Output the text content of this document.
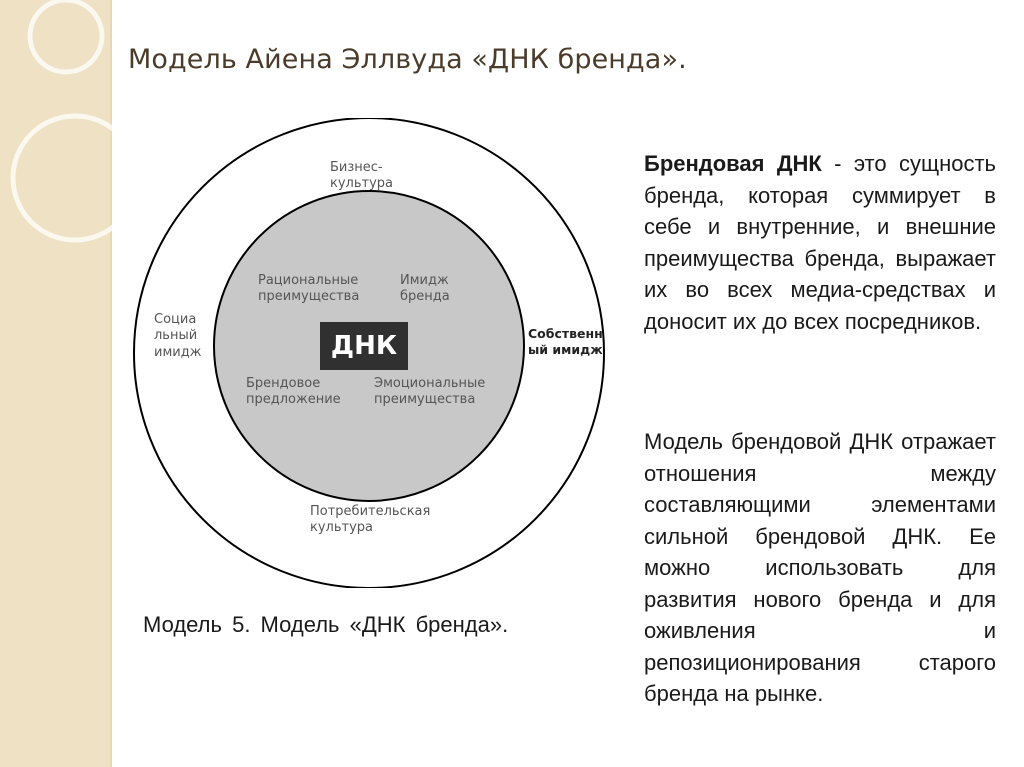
Модель Айена Эллвуда «ДНК бренда».
Бизнес-
культура
Социа
льный
имидж
Собственн
ый имидж
Потребительская
культура
Рациональные
преимущества
Имидж
бренда
Брендовое
предложение
Эмоциональные
преимущества
ДНК
Модель 5. Модель «ДНК бренда».

Брендовая ДНК - это сущность бренда, которая суммирует в себе и внутренние, и внешние преимущества бренда, выражает их во всех медиа-средствах и доносит их до всех посредников.

Модель брендовой ДНК отражает отношения между составляющими элементами сильной брендовой ДНК. Ее можно использовать для развития нового бренда и для оживления и репозиционирования старого бренда на рынке.
